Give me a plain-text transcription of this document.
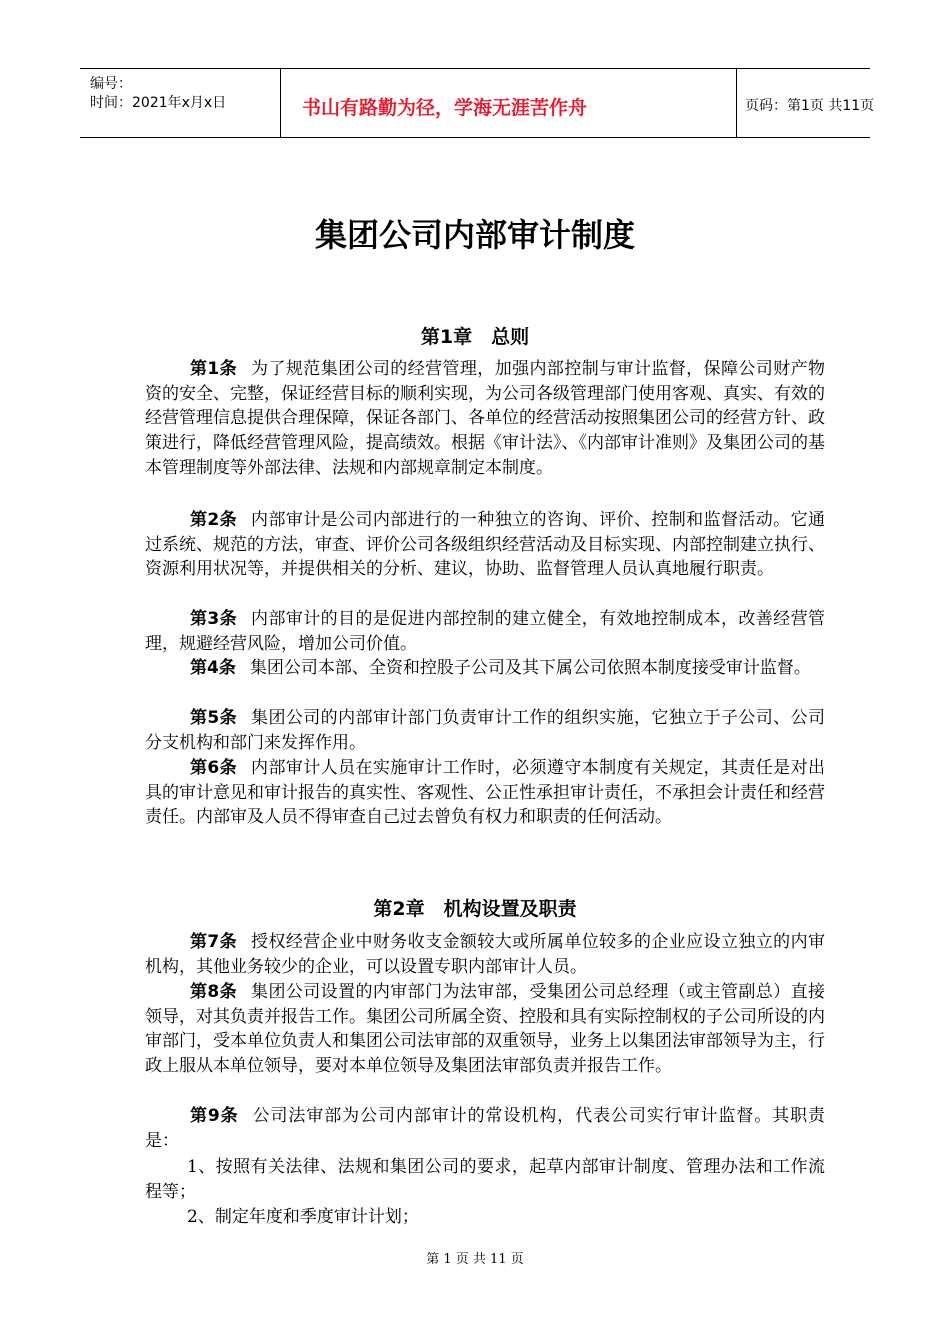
编号：
时间：2021年x月x日	书山有路勤为径，学海无涯苦作舟	页码：第1页 共11页
集团公司内部审计制度
第1章　总则

第1条 为了规范集团公司的经营管理，加强内部控制与审计监督，保障公司财产物资的安全、完整，保证经营目标的顺利实现，为公司各级管理部门使用客观、真实、有效的经营管理信息提供合理保障，保证各部门、各单位的经营活动按照集团公司的经营方针、政策进行，降低经营管理风险，提高绩效。根据《审计法》、《内部审计准则》及集团公司的基本管理制度等外部法律、法规和内部规章制定本制度。

第2条 内部审计是公司内部进行的一种独立的咨询、评价、控制和监督活动。它通过系统、规范的方法，审查、评价公司各级组织经营活动及目标实现、内部控制建立执行、资源利用状况等，并提供相关的分析、建议，协助、监督管理人员认真地履行职责。

第3条 内部审计的目的是促进内部控制的建立健全，有效地控制成本，改善经营管理，规避经营风险，增加公司价值。

第4条 集团公司本部、全资和控股子公司及其下属公司依照本制度接受审计监督。

第5条 集团公司的内部审计部门负责审计工作的组织实施，它独立于子公司、公司分支机构和部门来发挥作用。

第6条 内部审计人员在实施审计工作时，必须遵守本制度有关规定，其责任是对出具的审计意见和审计报告的真实性、客观性、公正性承担审计责任，不承担会计责任和经营责任。内部审及人员不得审查自己过去曾负有权力和职责的任何活动。

第2章　机构设置及职责

第7条 授权经营企业中财务收支金额较大或所属单位较多的企业应设立独立的内审机构，其他业务较少的企业，可以设置专职内部审计人员。

第8条 集团公司设置的内审部门为法审部，受集团公司总经理（或主管副总）直接领导，对其负责并报告工作。集团公司所属全资、控股和具有实际控制权的子公司所设的内审部门，受本单位负责人和集团公司法审部的双重领导，业务上以集团法审部领导为主，行政上服从本单位领导，要对本单位领导及集团法审部负责并报告工作。

第9条 公司法审部为公司内部审计的常设机构，代表公司实行审计监督。其职责是：

1、按照有关法律、法规和集团公司的要求，起草内部审计制度、管理办法和工作流程等；

2、制定年度和季度审计计划；

第 1 页 共 11 页
